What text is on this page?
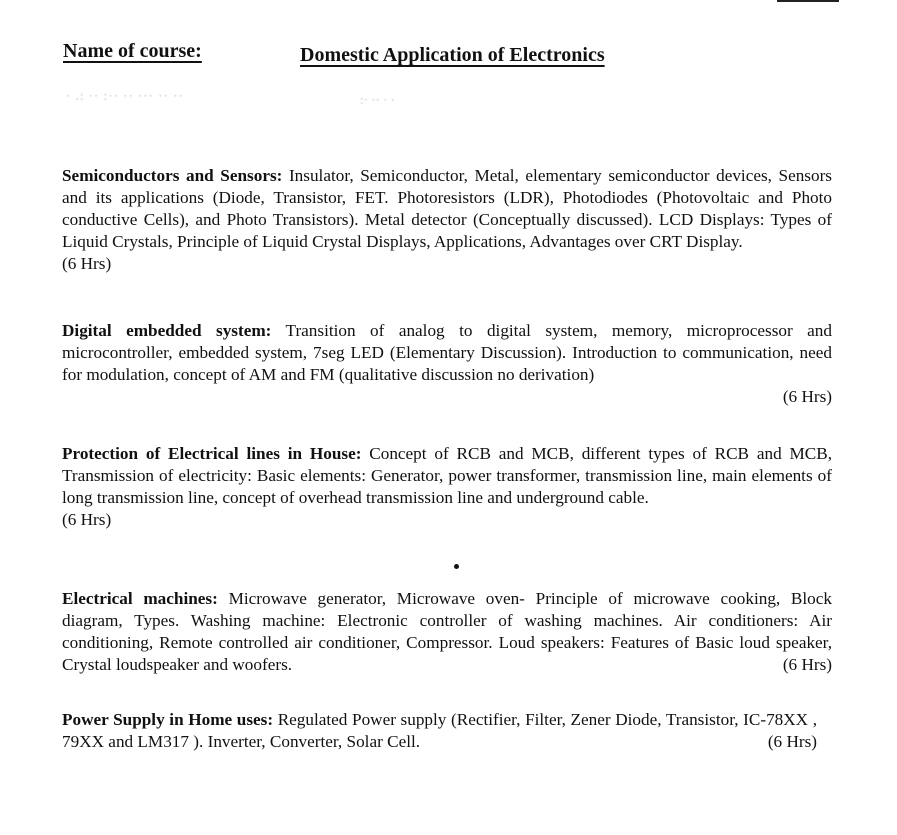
Name of course:	Domestic Application of Electronics
· .: ·· :·· ·· ··· ·· ··	:· ·· · ·
Semiconductors and Sensors: Insulator, Semiconductor, Metal, elementary semiconductor devices, Sensors and its applications (Diode, Transistor, FET. Photoresistors (LDR), Photodiodes (Photovoltaic and Photo conductive Cells), and Photo Transistors). Metal detector (Conceptually discussed). LCD Displays: Types of Liquid Crystals, Principle of Liquid Crystal Displays, Applications, Advantages over CRT Display.
(6 Hrs)
Digital embedded system: Transition of analog to digital system, memory, microprocessor and microcontroller, embedded system, 7seg LED (Elementary Discussion). Introduction to communication, need for modulation, concept of AM and FM (qualitative discussion no derivation)
(6 Hrs)
Protection of Electrical lines in House: Concept of RCB and MCB, different types of RCB and MCB, Transmission of electricity: Basic elements: Generator, power transformer, transmission line, main elements of long transmission line, concept of overhead transmission line and underground cable.
(6 Hrs)
Electrical machines: Microwave generator, Microwave oven- Principle of microwave cooking, Block diagram, Types. Washing machine: Electronic controller of washing machines. Air conditioners: Air conditioning, Remote controlled air conditioner, Compressor. Loud speakers: Features of Basic loud speaker, Crystal loudspeaker and woofers.	(6 Hrs)
Power Supply in Home uses: Regulated Power supply (Rectifier, Filter, Zener Diode, Transistor, IC-78XX , 79XX and LM317 ). Inverter, Converter, Solar Cell.	(6 Hrs)
